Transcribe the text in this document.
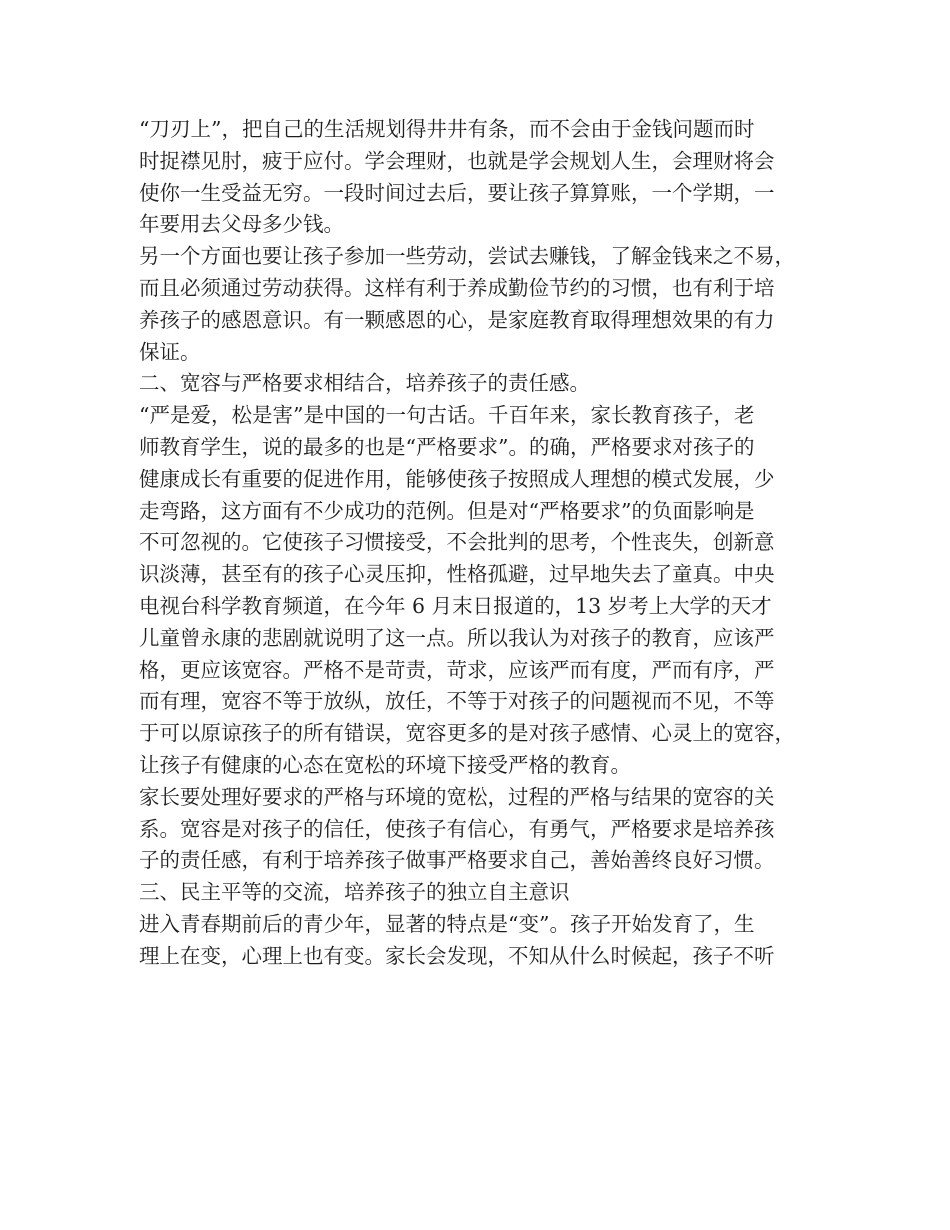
“刀刃上”，把自己的生活规划得井井有条，而不会由于金钱问题而时
时捉襟见肘，疲于应付。学会理财，也就是学会规划人生，会理财将会
使你一生受益无穷。一段时间过去后，要让孩子算算账，一个学期，一
年要用去父母多少钱。
另一个方面也要让孩子参加一些劳动，尝试去赚钱，了解金钱来之不易，
而且必须通过劳动获得。这样有利于养成勤俭节约的习惯，也有利于培
养孩子的感恩意识。有一颗感恩的心，是家庭教育取得理想效果的有力
保证。
二、宽容与严格要求相结合，培养孩子的责任感。
“严是爱，松是害”是中国的一句古话。千百年来，家长教育孩子，老
师教育学生，说的最多的也是“严格要求”。的确，严格要求对孩子的
健康成长有重要的促进作用，能够使孩子按照成人理想的模式发展，少
走弯路，这方面有不少成功的范例。但是对“严格要求”的负面影响是
不可忽视的。它使孩子习惯接受，不会批判的思考，个性丧失，创新意
识淡薄，甚至有的孩子心灵压抑，性格孤避，过早地失去了童真。中央
电视台科学教育频道，在今年 6 月末日报道的，13 岁考上大学的天才
儿童曾永康的悲剧就说明了这一点。所以我认为对孩子的教育，应该严
格，更应该宽容。严格不是苛责，苛求，应该严而有度，严而有序，严
而有理，宽容不等于放纵，放任，不等于对孩子的问题视而不见，不等
于可以原谅孩子的所有错误，宽容更多的是对孩子感情、心灵上的宽容，
让孩子有健康的心态在宽松的环境下接受严格的教育。
家长要处理好要求的严格与环境的宽松，过程的严格与结果的宽容的关
系。宽容是对孩子的信任，使孩子有信心，有勇气，严格要求是培养孩
子的责任感，有利于培养孩子做事严格要求自己，善始善终良好习惯。
三、民主平等的交流，培养孩子的独立自主意识
进入青春期前后的青少年，显著的特点是“变”。孩子开始发育了，生
理上在变，心理上也有变。家长会发现，不知从什么时候起，孩子不听
